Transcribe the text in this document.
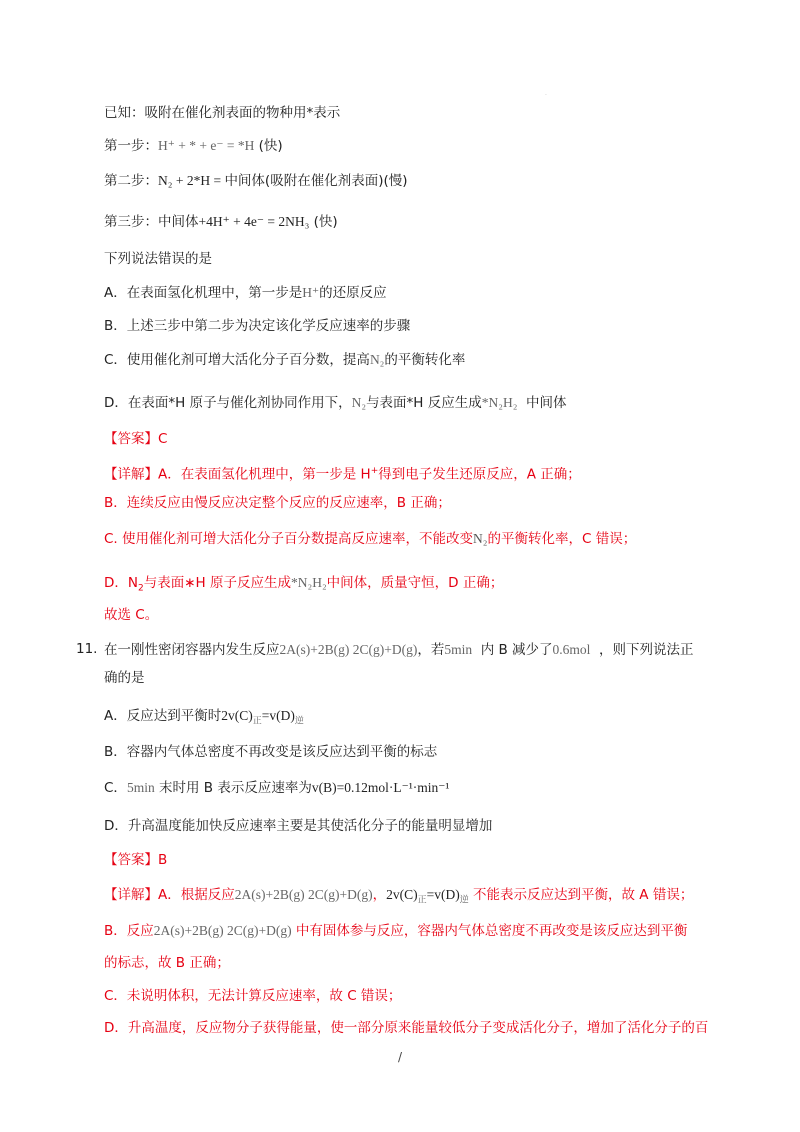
·
已知：吸附在催化剂表面的物种用*表示
第一步：H⁺ + * + e⁻ = *H (快)
第二步：N₂ + 2*H = 中间体(吸附在催化剂表面)(慢)
第三步：中间体+4H⁺ + 4e⁻ = 2NH₃ (快)
下列说法错误的是
A．在表面氢化机理中，第一步是H⁺的还原反应
B．上述三步中第二步为决定该化学反应速率的步骤
C．使用催化剂可增大活化分子百分数，提高N₂的平衡转化率
D．在表面*H 原子与催化剂协同作用下，N₂与表面*H 反应生成*N₂H₂ 中间体
【答案】C
【详解】A．在表面氢化机理中，第一步是 H+得到电子发生还原反应，A 正确；
B．连续反应由慢反应决定整个反应的反应速率，B 正确；
C. 使用催化剂可增大活化分子百分数提高反应速率，不能改变N₂的平衡转化率，C 错误；
D．$N_2$与表面∗H 原子反应生成*N₂H₂中间体，质量守恒，D 正确；
故选 C。
11. 在一刚性密闭容器内发生反应2A(s)+2B(g) 2C(g)+D(g)，若5min 内 B 减少了0.6mol ，则下列说法正
确的是
A．反应达到平衡时$2v(C)_正=v(D)_逆$
B．容器内气体总密度不再改变是该反应达到平衡的标志
C．5min 末时用 B 表示反应速率为v(B)=0.12mol·L⁻¹·min⁻¹
D．升高温度能加快反应速率主要是其使活化分子的能量明显增加
【答案】B
【详解】A．根据反应2A(s)+2B(g) 2C(g)+D(g)，$2v(C)_正=v(D)_逆$ 不能表示反应达到平衡，故 A 错误；
B．反应2A(s)+2B(g) 2C(g)+D(g) 中有固体参与反应，容器内气体总密度不再改变是该反应达到平衡
的标志，故 B 正确；
C．未说明体积，无法计算反应速率，故 C 错误；
D．升高温度，反应物分子获得能量，使一部分原来能量较低分子变成活化分子，增加了活化分子的百
/
